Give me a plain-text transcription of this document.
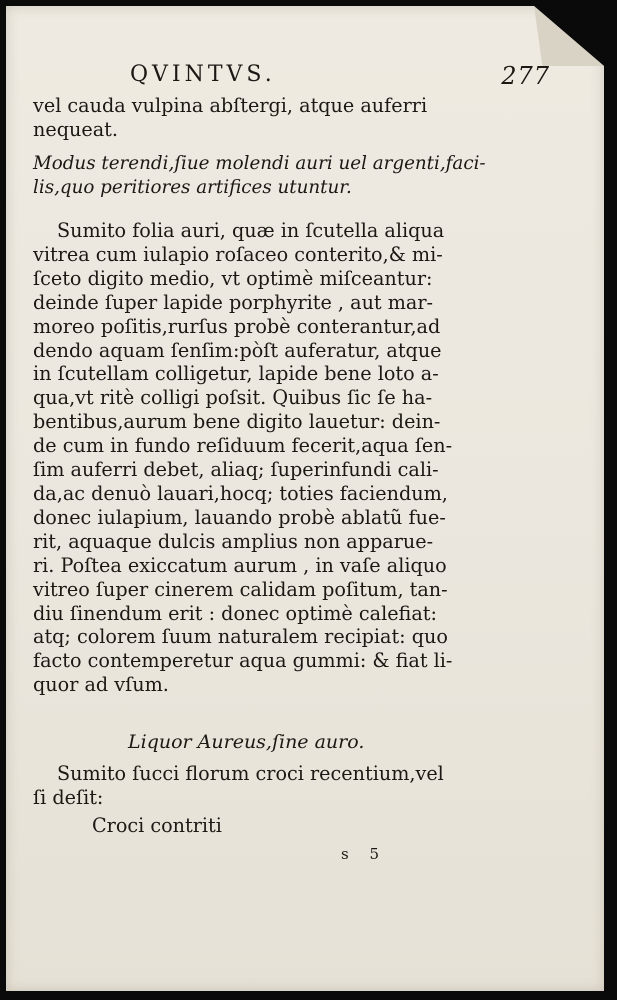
QVINTVS.	277
vel cauda vulpina abſtergi, atque auferri
nequeat.
Modus terendi,ſiue molendi auri uel argenti,faci-
lis,quo peritiores artifices utuntur.
Sumito folia auri, quæ in ſcutella aliqua
vitrea cum iulapio roſaceo conterito,& mi-
ſceto digito medio, vt optimè miſceantur:
deinde ſuper lapide porphyrite , aut mar-
moreo poſitis,rurſus probè conterantur,ad
dendo aquam ſenſim:pòſt auferatur, atque
in ſcutellam colligetur, lapide bene loto a-
qua,vt ritè colligi poſsit. Quibus ſic ſe ha-
bentibus,aurum bene digito lauetur: dein-
de cum in fundo reſiduum fecerit,aqua ſen-
ſim auferri debet, aliaq; ſuperinfundi cali-
da,ac denuò lauari,hocq; toties faciendum,
donec iulapium, lauando probè ablatũ fue-
rit, aquaque dulcis amplius non apparue-
ri. Poſtea exiccatum aurum , in vaſe aliquo
vitreo ſuper cinerem calidam poſitum, tan-
diu ſinendum erit : donec optimè calefiat:
atq; colorem ſuum naturalem recipiat: quo
facto contemperetur aqua gummi: & fiat li-
quor ad vſum.
Liquor Aureus,ſine auro.
Sumito ſucci florum croci recentium,vel
ſi deſit:
Croci contriti
s 5
